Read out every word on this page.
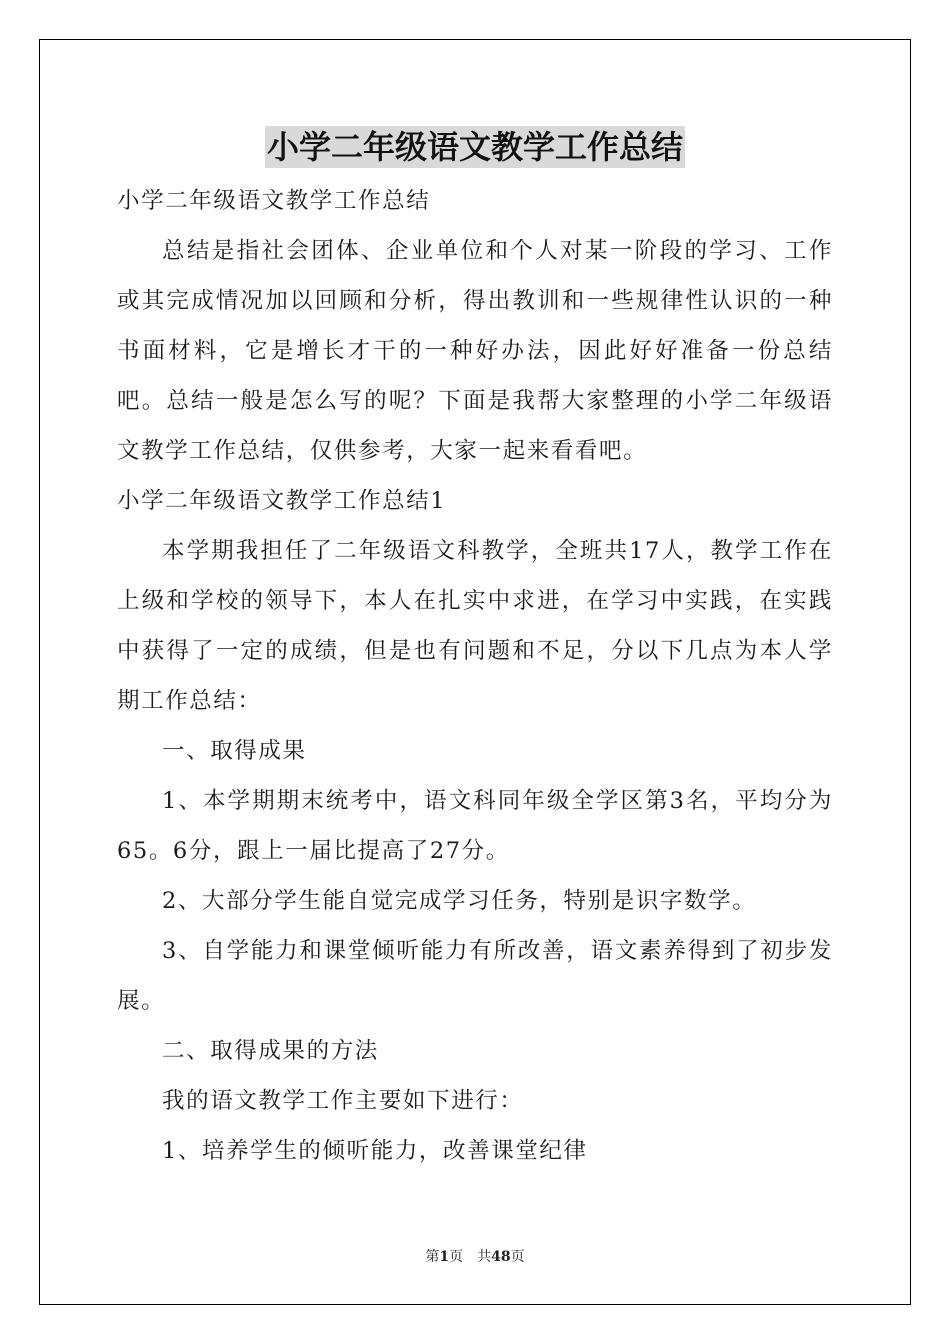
小学二年级语文教学工作总结

小学二年级语文教学工作总结

总结是指社会团体、企业单位和个人对某一阶段的学习、工作或其完成情况加以回顾和分析，得出教训和一些规律性认识的一种书面材料，它是增长才干的一种好办法，因此好好准备一份总结吧。总结一般是怎么写的呢？下面是我帮大家整理的小学二年级语文教学工作总结，仅供参考，大家一起来看看吧。

小学二年级语文教学工作总结1

本学期我担任了二年级语文科教学，全班共17人，教学工作在上级和学校的领导下，本人在扎实中求进，在学习中实践，在实践中获得了一定的成绩，但是也有问题和不足，分以下几点为本人学期工作总结：

一、取得成果

1、本学期期末统考中，语文科同年级全学区第3名，平均分为65。6分，跟上一届比提高了27分。

2、大部分学生能自觉完成学习任务，特别是识字数学。

3、自学能力和课堂倾听能力有所改善，语文素养得到了初步发展。

二、取得成果的方法

我的语文教学工作主要如下进行：

1、培养学生的倾听能力，改善课堂纪律

第1页 共48页
